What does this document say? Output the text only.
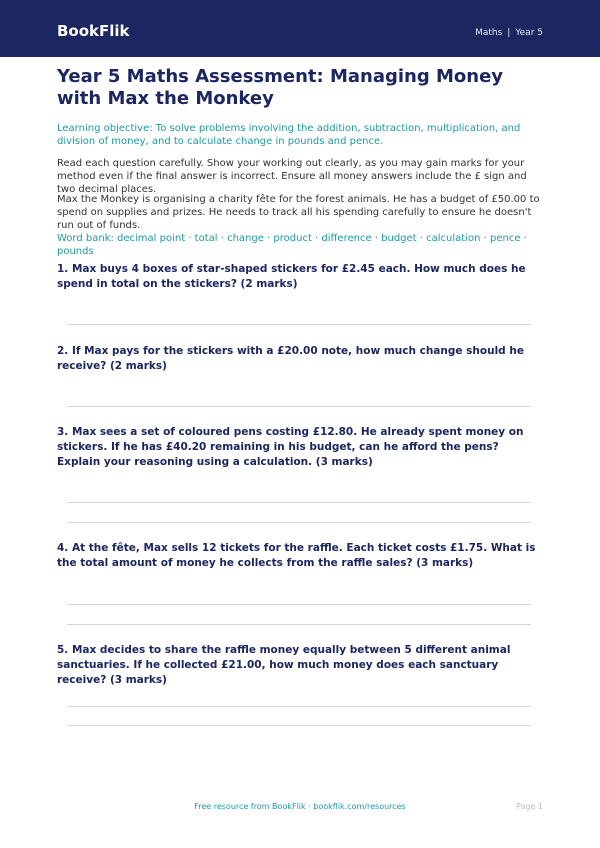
BookFlik	Maths | Year 5
Year 5 Maths Assessment: Managing Money with Max the Monkey

Learning objective: To solve problems involving the addition, subtraction, multiplication, and division of money, and to calculate change in pounds and pence.

Read each question carefully. Show your working out clearly, as you may gain marks for your method even if the final answer is incorrect. Ensure all money answers include the £ sign and two decimal places.

Max the Monkey is organising a charity fête for the forest animals. He has a budget of £50.00 to spend on supplies and prizes. He needs to track all his spending carefully to ensure he doesn't run out of funds.

Word bank: decimal point · total · change · product · difference · budget · calculation · pence · pounds

1. Max buys 4 boxes of star-shaped stickers for £2.45 each. How much does he spend in total on the stickers? (2 marks)

2. If Max pays for the stickers with a £20.00 note, how much change should he receive? (2 marks)

3. Max sees a set of coloured pens costing £12.80. He already spent money on stickers. If he has £40.20 remaining in his budget, can he afford the pens? Explain your reasoning using a calculation. (3 marks)

4. At the fête, Max sells 12 tickets for the raffle. Each ticket costs £1.75. What is the total amount of money he collects from the raffle sales? (3 marks)

5. Max decides to share the raffle money equally between 5 different animal sanctuaries. If he collected £21.00, how much money does each sanctuary receive? (3 marks)

Free resource from BookFlik · bookflik.com/resources	Page 1
